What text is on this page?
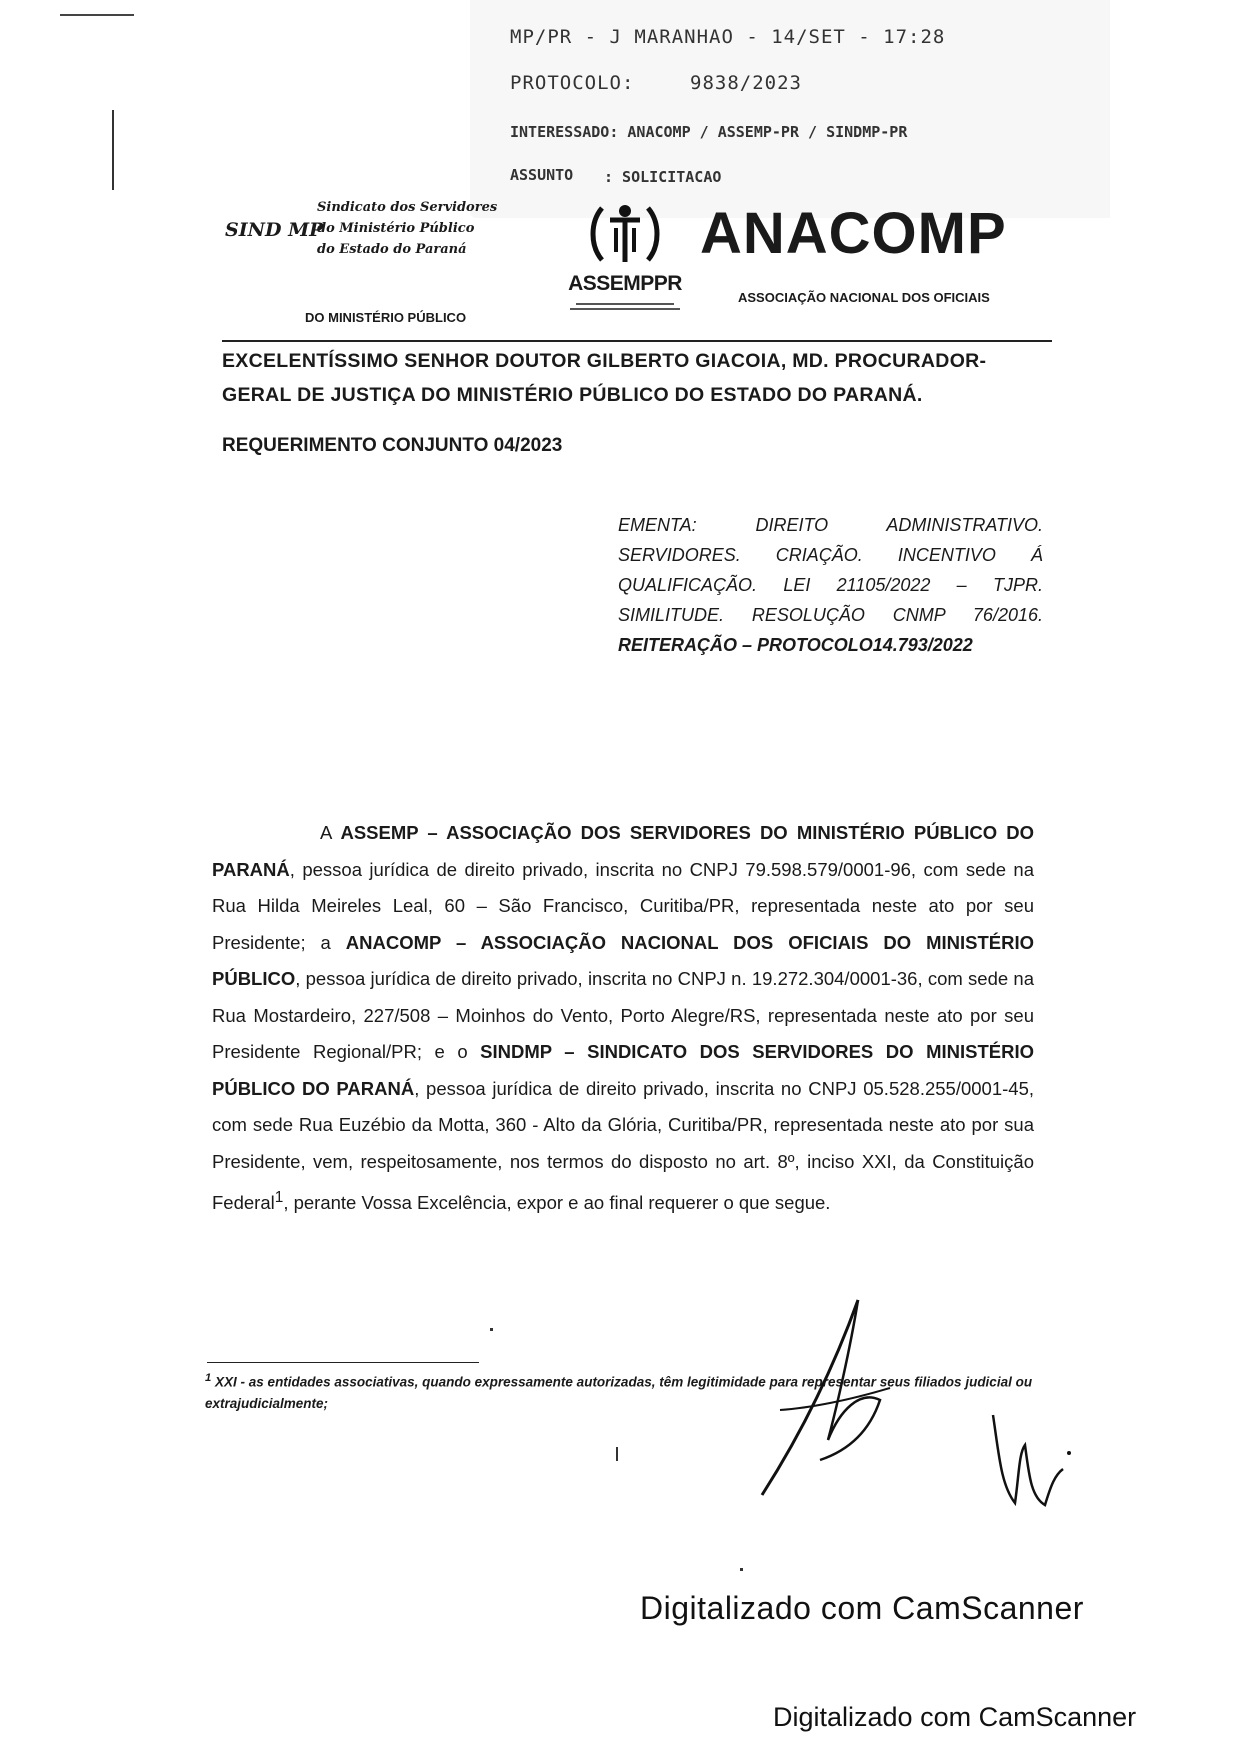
MP/PR - J MARANHAO - 14/SET - 17:28
PROTOCOLO:	9838/2023
INTERESSADO: ANACOMP / ASSEMP-PR / SINDMP-PR
ASSUNTO : SOLICITACAO
SIND MP
Sindicato dos Servidores
do Ministério Público
do Estado do Paraná
DO MINISTÉRIO PÚBLICO
ASSEMPPR
ANACOMP
ASSOCIAÇÃO NACIONAL DOS OFICIAIS
EXCELENTÍSSIMO SENHOR DOUTOR GILBERTO GIACOIA, MD. PROCURADOR-GERAL DE JUSTIÇA DO MINISTÉRIO PÚBLICO DO ESTADO DO PARANÁ.
REQUERIMENTO CONJUNTO 04/2023
EMENTA: DIREITO ADMINISTRATIVO.
SERVIDORES. CRIAÇÃO. INCENTIVO Á
QUALIFICAÇÃO. LEI 21105/2022 – TJPR.
SIMILITUDE. RESOLUÇÃO CNMP 76/2016.
REITERAÇÃO – PROTOCOLO14.793/2022
A ASSEMP – ASSOCIAÇÃO DOS SERVIDORES DO MINISTÉRIO PÚBLICO DO PARANÁ, pessoa jurídica de direito privado, inscrita no CNPJ 79.598.579/0001-96, com sede na Rua Hilda Meireles Leal, 60 – São Francisco, Curitiba/PR, representada neste ato por seu Presidente; a ANACOMP – ASSOCIAÇÃO NACIONAL DOS OFICIAIS DO MINISTÉRIO PÚBLICO, pessoa jurídica de direito privado, inscrita no CNPJ n. 19.272.304/0001-36, com sede na Rua Mostardeiro, 227/508 – Moinhos do Vento, Porto Alegre/RS, representada neste ato por seu Presidente Regional/PR; e o SINDMP – SINDICATO DOS SERVIDORES DO MINISTÉRIO PÚBLICO DO PARANÁ, pessoa jurídica de direito privado, inscrita no CNPJ 05.528.255/0001-45, com sede Rua Euzébio da Motta, 360 - Alto da Glória, Curitiba/PR, representada neste ato por sua Presidente, vem, respeitosamente, nos termos do disposto no art. 8º, inciso XXI, da Constituição Federal$^1$, perante Vossa Excelência, expor e ao final requerer o que segue.
$^1$ XXI - as entidades associativas, quando expressamente autorizadas, têm legitimidade para representar seus filiados judicial ou extrajudicialmente;
Digitalizado com CamScanner
Digitalizado com CamScanner
